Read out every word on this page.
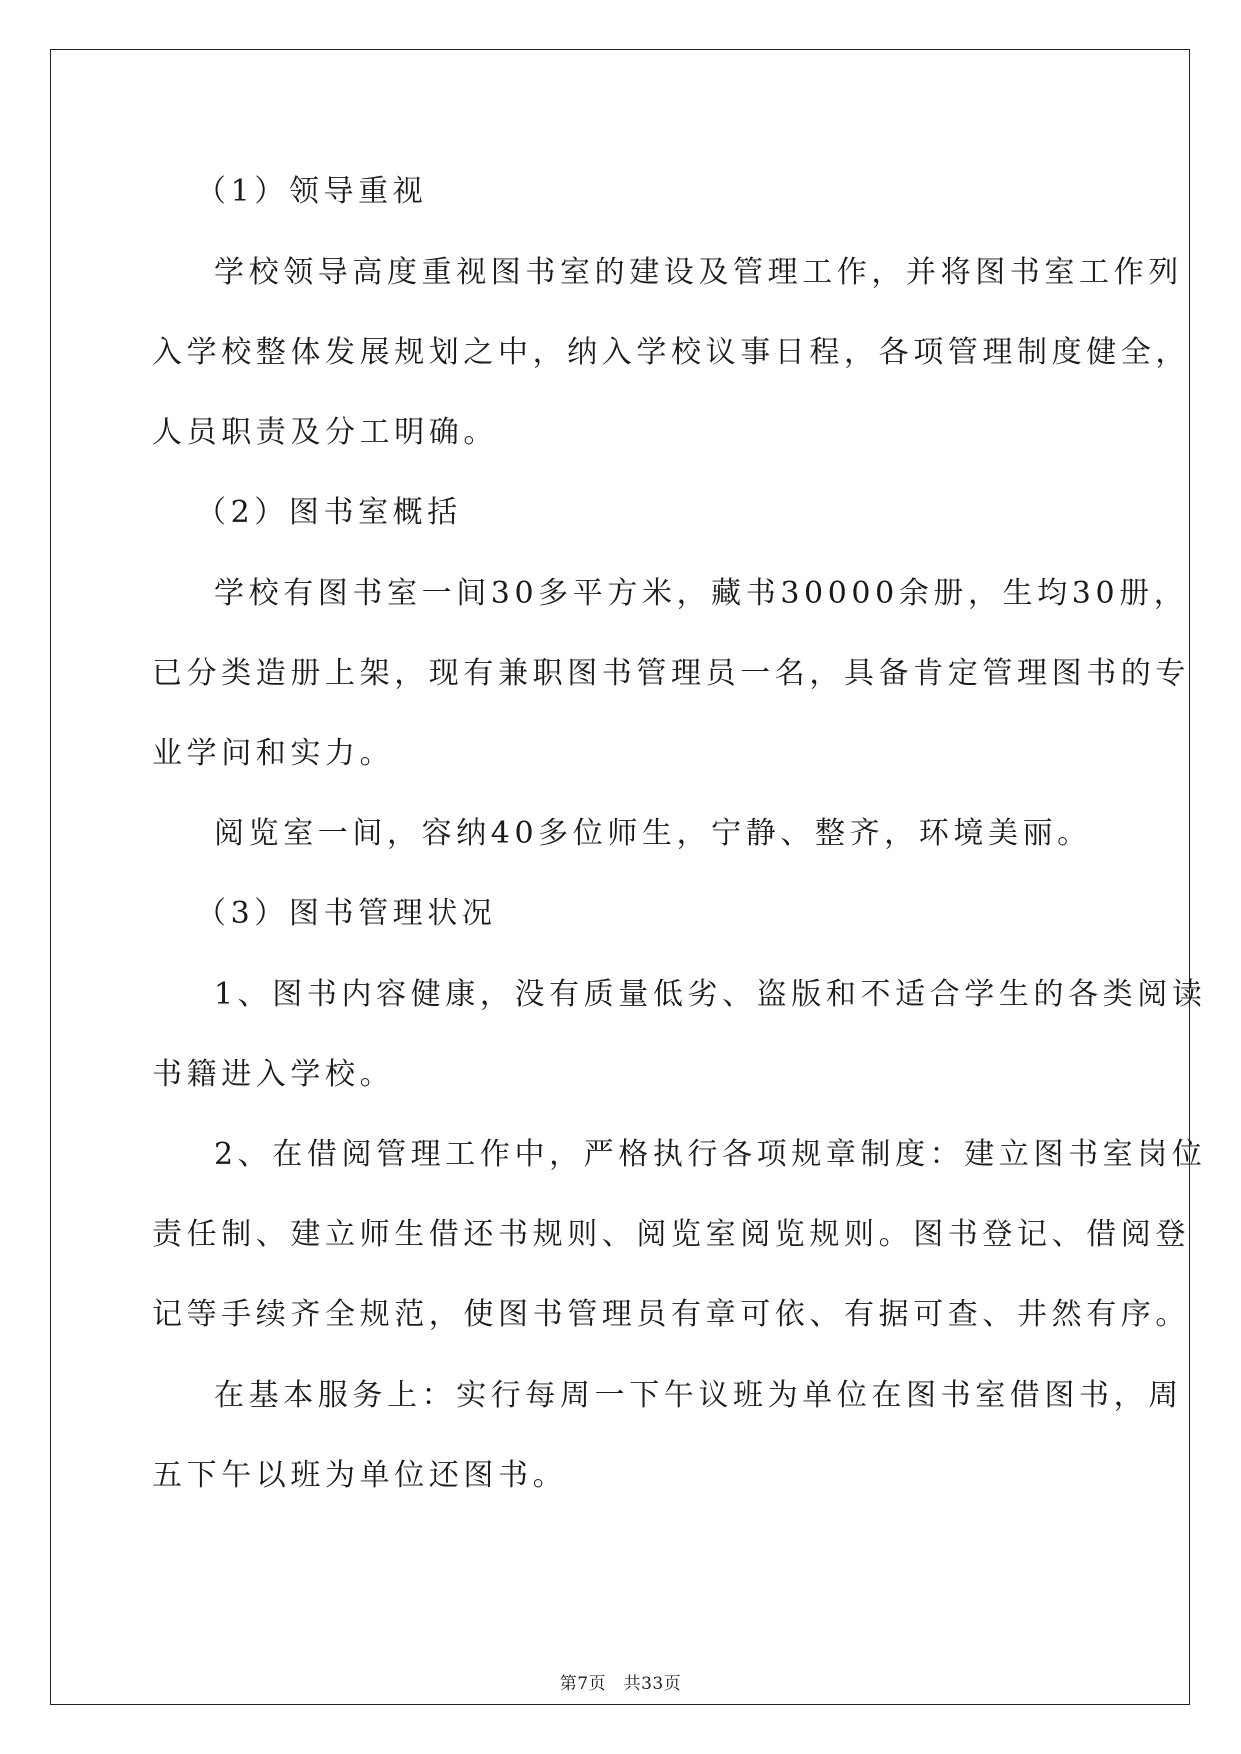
（1）领导重视

学校领导高度重视图书室的建设及管理工作，并将图书室工作列

入学校整体发展规划之中，纳入学校议事日程，各项管理制度健全，

人员职责及分工明确。

（2）图书室概括

学校有图书室一间30多平方米，藏书30000余册，生均30册，

已分类造册上架，现有兼职图书管理员一名，具备肯定管理图书的专

业学问和实力。

阅览室一间，容纳40多位师生，宁静、整齐，环境美丽。

（3）图书管理状况

1、图书内容健康，没有质量低劣、盗版和不适合学生的各类阅读

书籍进入学校。

2、在借阅管理工作中，严格执行各项规章制度：建立图书室岗位

责任制、建立师生借还书规则、阅览室阅览规则。图书登记、借阅登

记等手续齐全规范，使图书管理员有章可依、有据可查、井然有序。

在基本服务上：实行每周一下午议班为单位在图书室借图书，周

五下午以班为单位还图书。

第7页　共33页
